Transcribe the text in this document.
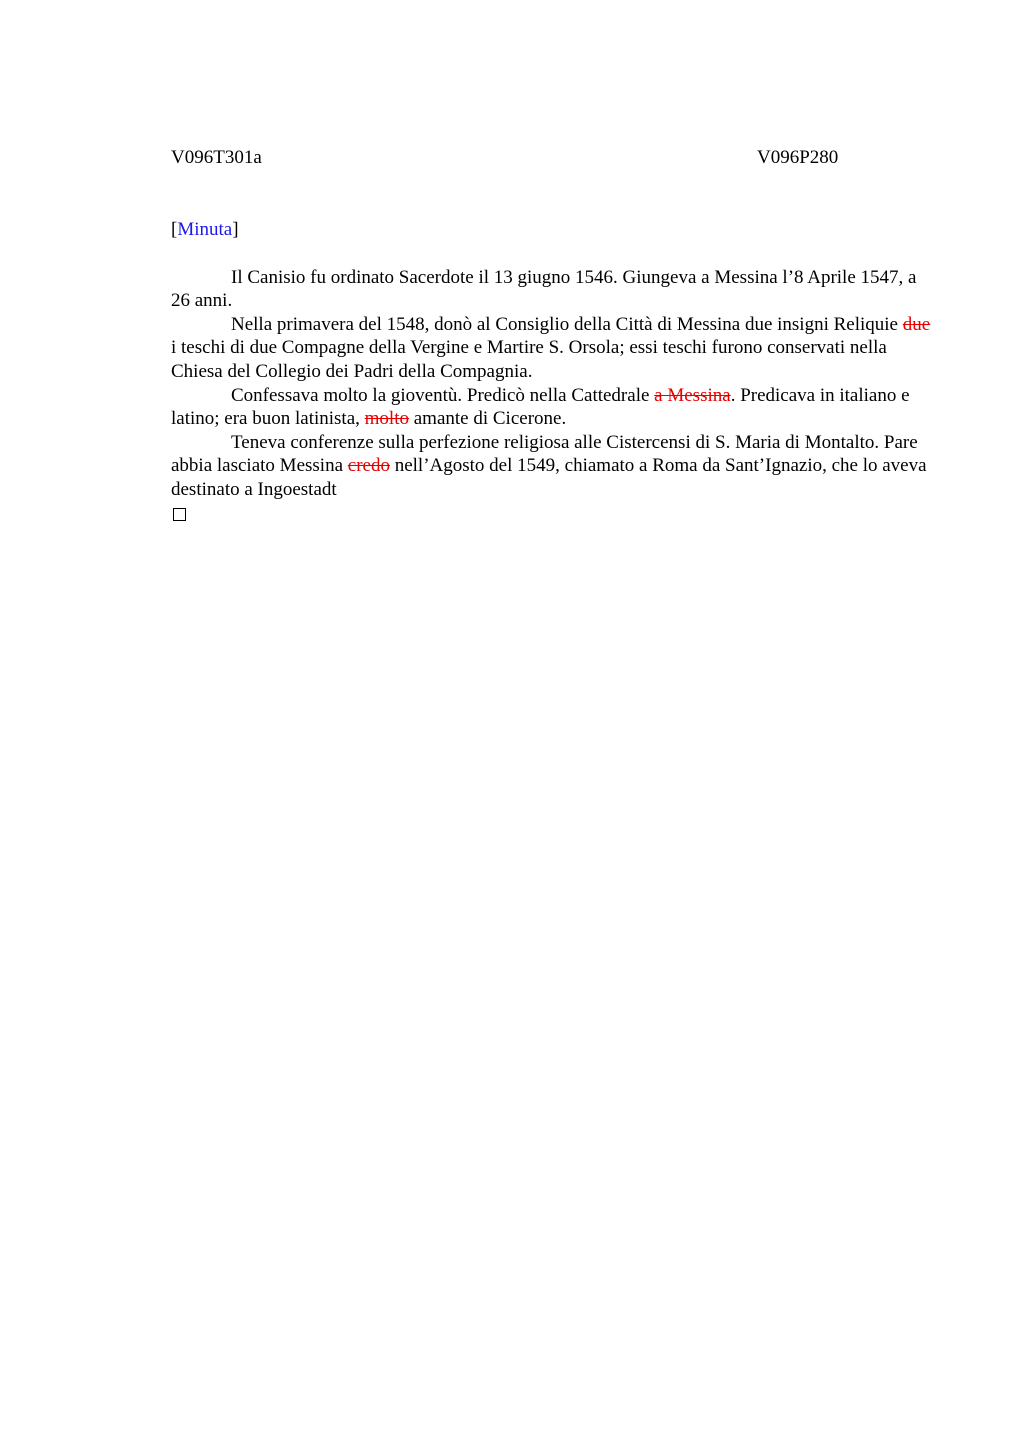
V096T301a	V096P280
[Minuta]

Il Canisio fu ordinato Sacerdote il 13 giugno 1546. Giungeva a Messina l’8 Aprile 1547, a 26 anni.

Nella primavera del 1548, donò al Consiglio della Città di Messina due insigni Reliquie due i teschi di due Compagne della Vergine e Martire S. Orsola; essi teschi furono conservati nella Chiesa del Collegio dei Padri della Compagnia.

Confessava molto la gioventù. Predicò nella Cattedrale a Messina. Predicava in italiano e latino; era buon latinista, molto amante di Cicerone.

Teneva conferenze sulla perfezione religiosa alle Cistercensi di S. Maria di Montalto. Pare abbia lasciato Messina credo nell’Agosto del 1549, chiamato a Roma da Sant’Ignazio, che lo aveva destinato a Ingoestadt
